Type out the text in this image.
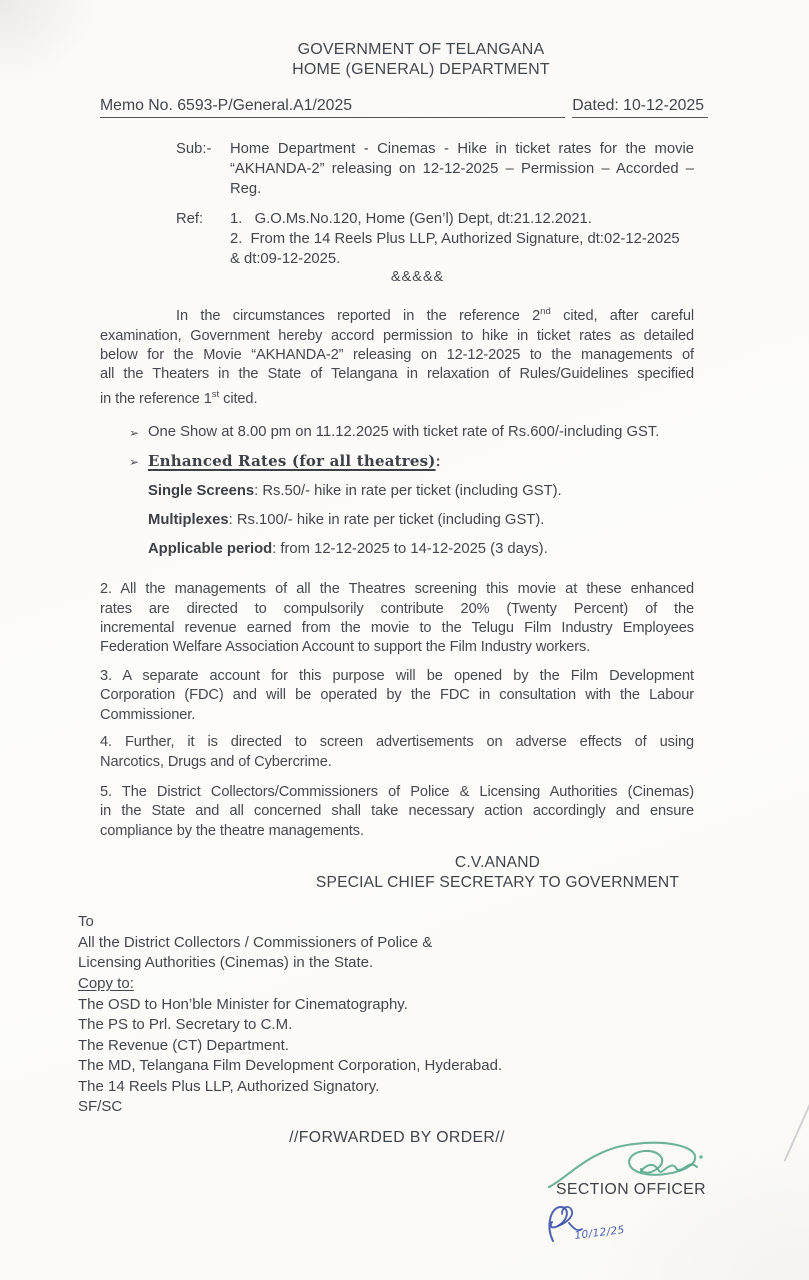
GOVERNMENT OF TELANGANA
HOME (GENERAL) DEPARTMENT
Memo No. 6593-P/General.A1/2025	Dated: 10-12-2025
Sub:-	Home Department - Cinemas - Hike in ticket rates for the movie
“AKHANDA-2” releasing on 12-12-2025 – Permission – Accorded –
Reg.
Ref:	1.   G.O.Ms.No.120, Home (Gen’l) Dept, dt:21.12.2021.
2.  From the 14 Reels Plus LLP, Authorized Signature, dt:02-12-2025
& dt:09-12-2025.
&&&&&
In the circumstances reported in the reference 2nd cited, after careful
examination, Government hereby accord permission to hike in ticket rates as detailed
below for the Movie “AKHANDA-2” releasing on 12-12-2025 to the managements of
all the Theaters in the State of Telangana in relaxation of Rules/Guidelines specified
in the reference 1st cited.
➢ One Show at 8.00 pm on 11.12.2025 with ticket rate of Rs.600/-including GST.
➢ Enhanced Rates (for all theatres):
Single Screens: Rs.50/- hike in rate per ticket (including GST).
Multiplexes: Rs.100/- hike in rate per ticket (including GST).
Applicable period: from 12-12-2025 to 14-12-2025 (3 days).
2. All the managements of all the Theatres screening this movie at these enhanced
rates are directed to compulsorily contribute 20% (Twenty Percent) of the
incremental revenue earned from the movie to the Telugu Film Industry Employees
Federation Welfare Association Account to support the Film Industry workers.
3. A separate account for this purpose will be opened by the Film Development
Corporation (FDC) and will be operated by the FDC in consultation with the Labour
Commissioner.
4. Further, it is directed to screen advertisements on adverse effects of using
Narcotics, Drugs and of Cybercrime.
5. The District Collectors/Commissioners of Police & Licensing Authorities (Cinemas)
in the State and all concerned shall take necessary action accordingly and ensure
compliance by the theatre managements.
C.V.ANAND
SPECIAL CHIEF SECRETARY TO GOVERNMENT
To
All the District Collectors / Commissioners of Police &
Licensing Authorities (Cinemas) in the State.
Copy to:
The OSD to Hon’ble Minister for Cinematography.
The PS to Prl. Secretary to C.M.
The Revenue (CT) Department.
The MD, Telangana Film Development Corporation, Hyderabad.
The 14 Reels Plus LLP, Authorized Signatory.
SF/SC
//FORWARDED BY ORDER//
SECTION OFFICER
10/12/25
